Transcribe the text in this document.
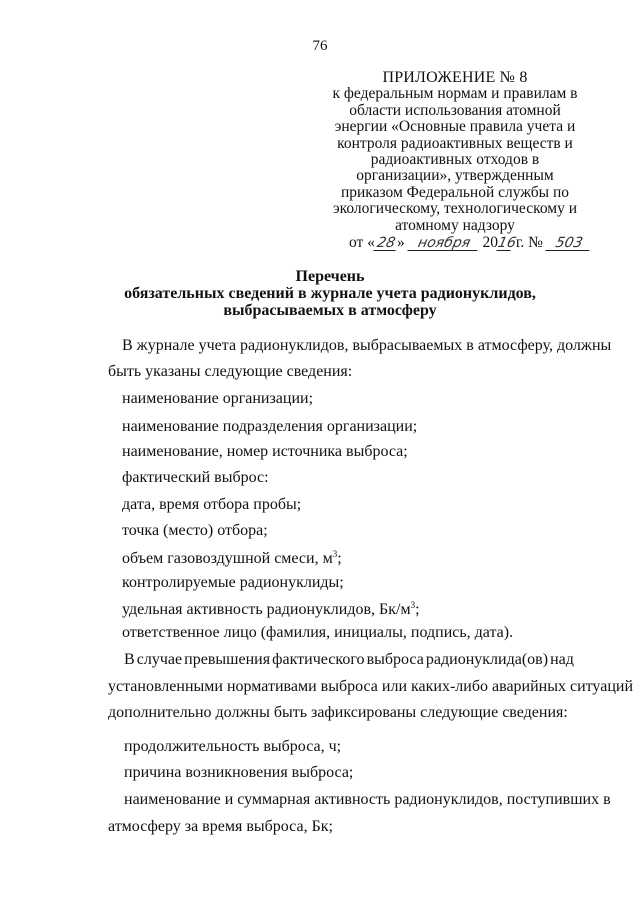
76
ПРИЛОЖЕНИЕ № 8
к федеральным нормам и правилам в
области использования атомной
энергии «Основные правила учета и
контроля радиоактивных веществ и
радиоактивных отходов в
организации», утвержденным
приказом Федеральной службы по
экологическому, технологическому и
атомному надзору
от «28» ноября 2016 г. № 503
Перечень
обязательных сведений в журнале учета радионуклидов,
выбрасываемых в атмосферу
В журнале учета радионуклидов, выбрасываемых в атмосферу, должны
быть указаны следующие сведения:
наименование организации;
наименование подразделения организации;
наименование, номер источника выброса;
фактический выброс:
дата, время отбора пробы;
точка (место) отбора;
объем газовоздушной смеси, $м^3$;
контролируемые радионуклиды;
удельная активность радионуклидов, $Бк/м^3$;
ответственное лицо (фамилия, инициалы, подпись, дата).
В случае превышения фактического выброса радионуклида(ов) над
установленными нормативами выброса или каких-либо аварийных ситуаций
дополнительно должны быть зафиксированы следующие сведения:
продолжительность выброса, ч;
причина возникновения выброса;
наименование и суммарная активность радионуклидов, поступивших в
атмосферу за время выброса, Бк;
